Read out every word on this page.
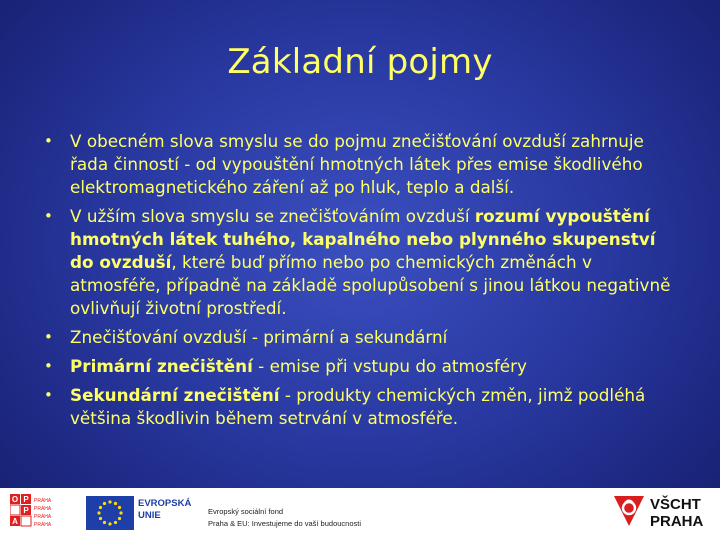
Základní pojmy
• V obecném slova smyslu se do pojmu znečišťování ovzduší zahrnuje řada činností - od vypouštění hmotných látek přes emise škodlivého elektromagnetického záření až po hluk, teplo a další.
• V užším slova smyslu se znečišťováním ovzduší rozumí vypouštění hmotných látek tuhého, kapalného nebo plynného skupenství do ovzduší, které buď přímo nebo po chemických změnách v atmosféře, případně na základě spolupůsobení s jinou látkou negativně ovlivňují životní prostředí.
• Znečišťování ovzduší - primární a sekundární
• Primární znečištění - emise při vstupu do atmosféry
• Sekundární znečištění - produkty chemických změn, jimž podléhá většina škodlivin během setrvání v atmosféře.
O P
P
A
PRAHA
PRAHA
PRAHA
PRAHA
EVROPSKÁ
UNIE	Evropský sociální fond
Praha & EU: Investujeme do vaší budoucnosti
VŠCHT
PRAHA
